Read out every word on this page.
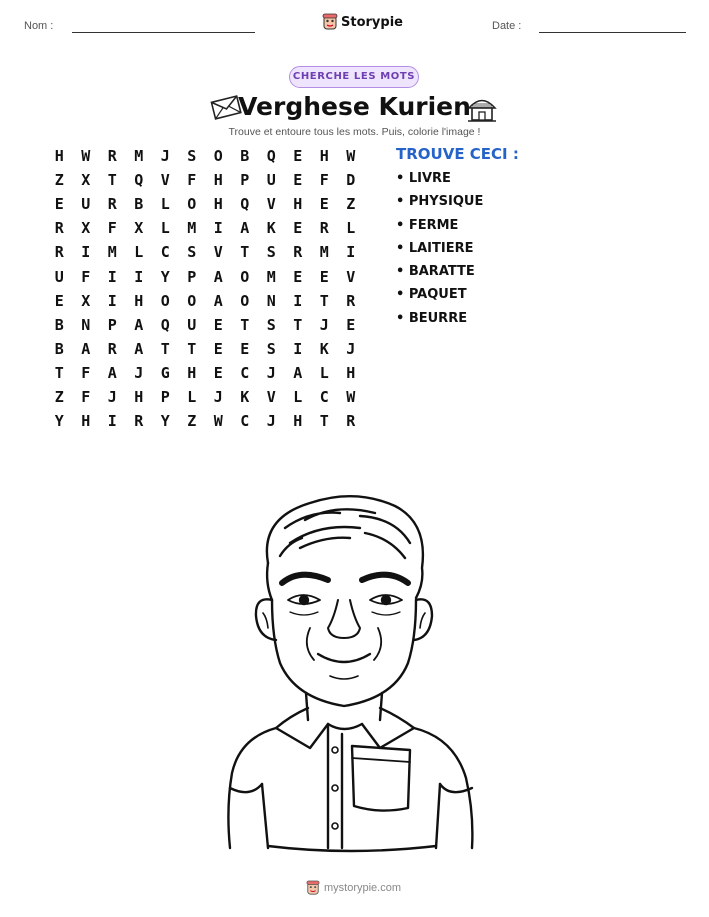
Nom :	Storypie	Date :
CHERCHE LES MOTS
Verghese Kurien
Trouve et entoure tous les mots. Puis, colorie l'image !
H	W	R	M	J	S	O	B	Q	E	H	W
Z	X	T	Q	V	F	H	P	U	E	F	D
E	U	R	B	L	O	H	Q	V	H	E	Z
R	X	F	X	L	M	I	A	K	E	R	L
R	I	M	L	C	S	V	T	S	R	M	I
U	F	I	I	Y	P	A	O	M	E	E	V
E	X	I	H	O	O	A	O	N	I	T	R
B	N	P	A	Q	U	E	T	S	T	J	E
B	A	R	A	T	T	E	E	S	I	K	J
T	F	A	J	G	H	E	C	J	A	L	H
Z	F	J	H	P	L	J	K	V	L	C	W
Y	H	I	R	Y	Z	W	C	J	H	T	R
TROUVE CECI :
• LIVRE
• PHYSIQUE
• FERME
• LAITIERE
• BARATTE
• PAQUET
• BEURRE
mystorypie.com
